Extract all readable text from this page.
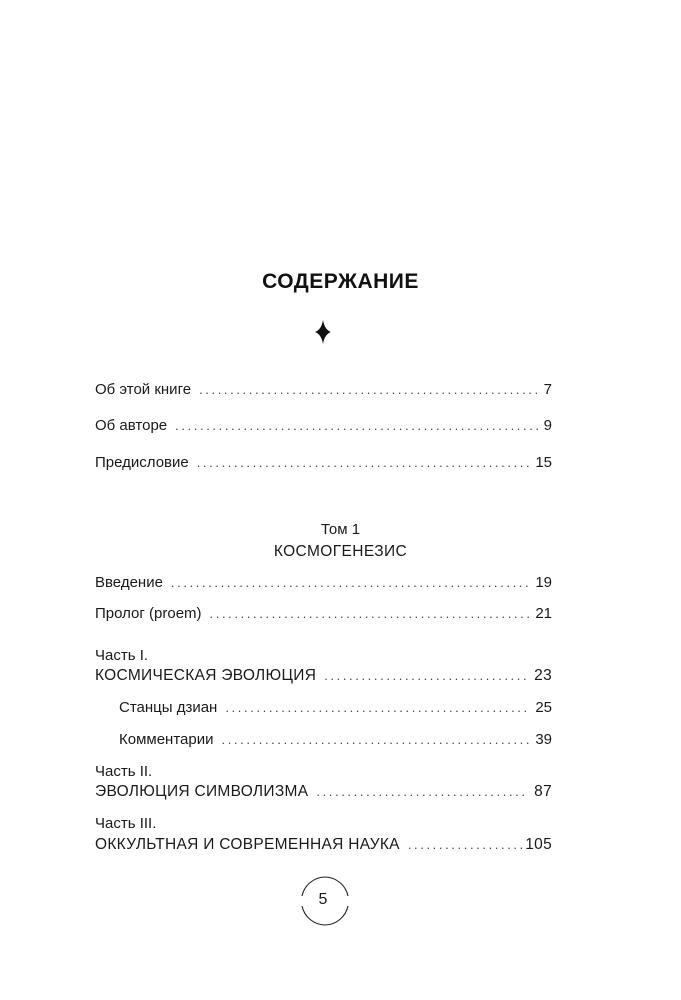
СОДЕРЖАНИЕ
Об этой книге .....	7
Об авторе .....	9
Предисловие .....	15
Том 1
КОСМОГЕНЕЗИС
Введение .....	19
Пролог (proem) .....	21
Часть I.
КОСМИЧЕСКАЯ ЭВОЛЮЦИЯ .....	23
Станцы дзиан .....	25
Комментарии .....	39
Часть II.
ЭВОЛЮЦИЯ СИМВОЛИЗМА .....	87
Часть III.
ОККУЛЬТНАЯ И СОВРЕМЕННАЯ НАУКА .....	105
5
